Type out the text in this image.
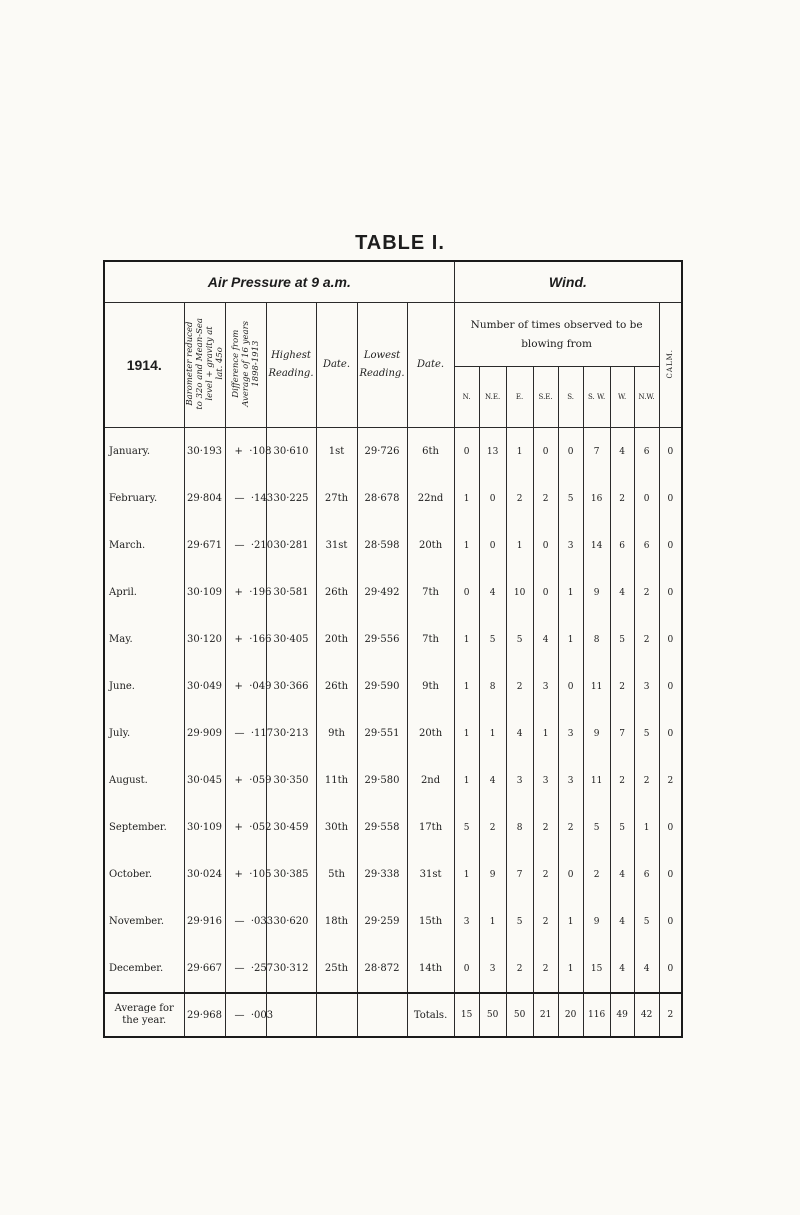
TABLE I.
Air Pressure at 9 a.m.							Wind.								
1914.	Barometer reduced
to 32o and Mean-Sea
level + gravity at
lat. 45o	Difference from
Average of 16 years
1898-1913	Highest
Reading.	Date.	Lowest
Reading.	Date.	Number of times observed to be
blowing from								CALM.
							N.	N.E.	E.	S.E.	S.	S. W.	W.	N.W.	
January.	30·193	+ ·108	30·610	1st	29·726	6th	0	13	1	0	0	7	4	6	0
February.	29·804	— ·143	30·225	27th	28·678	22nd	1	0	2	2	5	16	2	0	0
March.	29·671	— ·210	30·281	31st	28·598	20th	1	0	1	0	3	14	6	6	0
April.	30·109	+ ·196	30·581	26th	29·492	7th	0	4	10	0	1	9	4	2	0
May.	30·120	+ ·166	30·405	20th	29·556	7th	1	5	5	4	1	8	5	2	0
June.	30·049	+ ·049	30·366	26th	29·590	9th	1	8	2	3	0	11	2	3	0
July.	29·909	— ·117	30·213	9th	29·551	20th	1	1	4	1	3	9	7	5	0
August.	30·045	+ ·059	30·350	11th	29·580	2nd	1	4	3	3	3	11	2	2	2
September.	30·109	+ ·052	30·459	30th	29·558	17th	5	2	8	2	2	5	5	1	0
October.	30·024	+ ·105	30·385	5th	29·338	31st	1	9	7	2	0	2	4	6	0
November.	29·916	— ·033	30·620	18th	29·259	15th	3	1	5	2	1	9	4	5	0
December.	29·667	— ·257	30·312	25th	28·872	14th	0	3	2	2	1	15	4	4	0
Average for
the year.	29·968	— ·003				Totals.	15	50	50	21	20	116	49	42	2
